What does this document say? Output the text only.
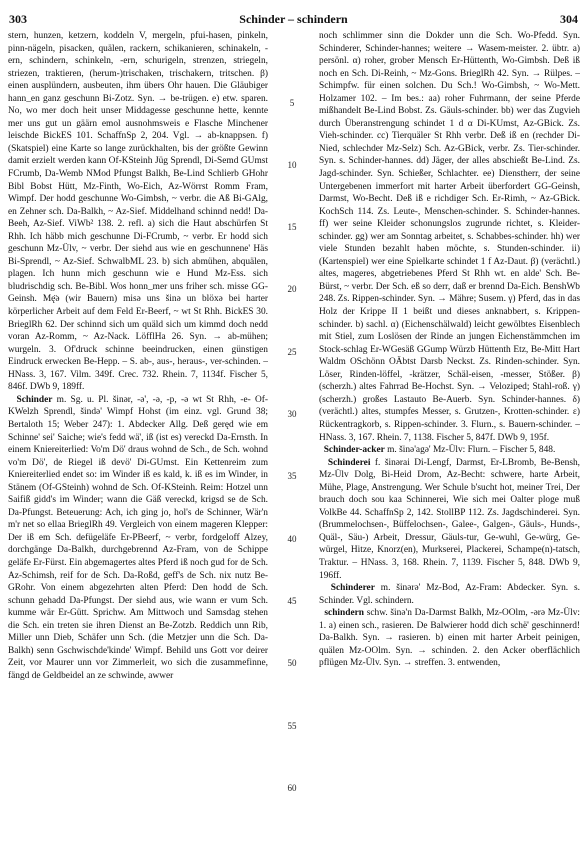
303	Schinder – schindern	304

stern, hunzen, ketzern, koddeln V, mergeln, pfui-hasen, pinkeln, pinn-nägeln, pisacken, quälen, rackern, schikanieren, schinakeln, -ern, schindern, schinkeln, -ern, schurigeln, strenzen, striegeln, striezen, traktieren, (herum-)trischaken, trischakern, tritschen. β) einen ausplündern, ausbeuten, ihm übers Ohr hauen. Die Gläubiger hann_en ganz geschunn Bi-Zotz. Syn. → be-trügen. e) etw. sparen. No, wo mer doch heit unser Middagesse geschunne hette, kennte mer uns gut un gäärn emol ausnohmsweis e Flasche Minchener leischde BickES 101. SchaffnSp 2, 204. Vgl. → ab-knappsen. f) (Skatspiel) eine Karte so lange zurückhalten, bis der größte Gewinn damit erzielt werden kann Of-KSteinh Jüg Sprendl, Di-Semd GUmst FCrumb, Da-Wemb NMod Pfungst Balkh, Be-Lind Schlierb GHohr Bibl Bobst Hütt, Mz-Finth, Wo-Eich, Az-Wörrst Romm Fram, Wimpf. Der hodd geschunne Wo-Gimbsh, ~ verbr. die Aß Bi-GAlg, en Zehner sch. Da-Balkh, ~ Az-Sief. Middelhand schinnd nedd! Da-Beeh, Az-Sief. ViWb² 138. 2. refl. a) sich die Haut abschürfen St Rhh. Ich häbb mich geschunne Di-FCrumb, ~ verbr. Er hodd sich geschunn Mz-Ülv, ~ verbr. Der siehd aus wie en geschunnene' Häs Bi-Sprendl, ~ Az-Sief. SchwalbML 23. b) sich abmühen, abquälen, plagen. Ich hunn mich geschunn wie e Hund Mz-Ess. sich bludrischdig sch. Be-Bibl. Wos honn_mer uns friher sch. misse GG-Geinsh. Mę̈ə (wir Bauern) misə uns šinə un blöxə bei harter körperlicher Arbeit auf dem Feld Er-Beerf, ~ wt St Rhh. BickES 30. BrieglRh 62. Der schinnd sich um quäld sich um kimmd doch nedd voran Az-Romm, ~ Az-Nack. LöfflHa 26. Syn. → ab-mühen; wurgeln. 3. Of'druck schinne beeindrucken, einen günstigen Eindruck erwecken Be-Hepp. – S. ab-, aus-, heraus-, ver-schinden. – HNass. 3, 167. Vilm. 349f. Crec. 732. Rhein. 7, 1134f. Fischer 5, 846f. DWb 9, 189ff.

Schinder m. Sg. u. Pl. šinər, -ə', -ə, -p, -ə wt St Rhh, -e- Of-KWelzh Sprendl, šində' Wimpf Hohst (im einz. vgl. Grund 38; Bertaloth 15; Weber 247): 1. Abdecker Allg. Deß geręd wie em Schinne' sei' Saiche; wie's fedd wä', iß (ist es) vereckd Da-Ernsth. In einem Kniereiterlied: Vo'm Dö' draus wohnd de Sch., de Sch. wohnd vo'm Dö', de Riegel iß devö' Di-GUmst. Ein Kettenreim zum Kniereiterlied endet so: im Winder iß es kald, k. iß es im Winder, in Stänem (Of-GSteinh) wohnd de Sch. Of-KSteinh. Reim: Hotzel unn Saifiß gidd's im Winder; wann die Gäß vereckd, krigsd se de Sch. Da-Pfungst. Beteuerung: Ach, ich ging jo, hol's de Schinner, Wär'n m'r net so ellaa BrieglRh 49. Vergleich von einem mageren Klepper: Der iß em Sch. defügeläfe Er-PBeerf, ~ verbr, fordgeloff Alzey, dorchgänge Da-Balkh, durchgebrennd Az-Fram, von de Schippe geläfe Er-Fürst. Ein abgemagertes altes Pferd iß noch gud for de Sch. Az-Schimsh, reif for de Sch. Da-Roßd, geff's de Sch. nix nutz Be-GRohr. Von einem abgezehrten alten Pferd: Den hodd de Sch. schunn gehadd Da-Pfungst. Der siehd aus, wie wann er vum Sch. kumme wär Er-Gütt. Sprichw. Am Mittwoch und Samsdag stehen die Sch. ein treten sie ihren Dienst an Be-Zotzb. Reddich unn Rib, Miller unn Dieb, Schäfer unn Sch. (die Metzjer unn die Sch. Da-Balkh) senn Gschwischde'kinde' Wimpf. Behild uns Gott vor deirer Zeit, vor Maurer unn vor Zimmerleit, wo sich die zusammefinne, fängd de Geldbeidel an ze schwinde, awwer

5
10
15
20
25
30
35
40
45
50
55
60

noch schlimmer sinn die Dokder unn die Sch. Wo-Pfedd. Syn. Schinderer, Schinder-hannes; weitere → Wasem-meister. 2. übtr. a) persönl. α) roher, grober Mensch Er-Hüttenth, Wo-Gimbsh. Deß iß noch en Sch. Di-Reinh, ~ Mz-Gons. BrieglRh 42. Syn. → Rülpes. – Schimpfw. für einen solchen. Du Sch.! Wo-Gimbsh, ~ Wo-Mett. Holzamer 102. – Im bes.: aa) roher Fuhrmann, der seine Pferde mißhandelt Be-Lind Bobst. Zs. Gäuls-schinder. bb) wer das Zugvieh durch Überanstrengung schindet 1 d α Di-KUmst, Az-GBick. Zs. Vieh-schinder. cc) Tierquäler St Rhh verbr. Deß iß en (rechder Di-Nied, schlechder Mz-Selz) Sch. Az-GBick, verbr. Zs. Tier-schinder. Syn. s. Schinder-hannes. dd) Jäger, der alles abschießt Be-Lind. Zs. Jagd-schinder. Syn. Schießer, Schlachter. ee) Dienstherr, der seine Untergebenen immerfort mit harter Arbeit überfordert GG-Geinsh, Darmst, Wo-Becht. Deß iß e richdiger Sch. Er-Rimh, ~ Az-GBick. KochSch 114. Zs. Leute-, Menschen-schinder. S. Schinder-hannes. ff) wer seine Kleider schonungslos zugrunde richtet, s. Kleider-schinder. gg) wer am Sonntag arbeitet, s. Schabbes-schinder. hh) wer viele Stunden bezahlt haben möchte, s. Stunden-schinder. ii) (Kartenspiel) wer eine Spielkarte schindet 1 f Az-Daut. β) (verächtl.) altes, mageres, abgetriebenes Pferd St Rhh wt. en alde' Sch. Be-Bürst, ~ verbr. Der Sch. eß so derr, daß er brennd Da-Eich. BenshWb 248. Zs. Rippen-schinder. Syn. → Mähre; Susem. γ) Pferd, das in das Holz der Krippe II 1 beißt und dieses anknabbert, s. Krippen-schinder. b) sachl. α) (Eichenschälwald) leicht gewölbtes Eisenblech mit Stiel, zum Loslösen der Rinde an jungen Eichenstämmchen im Stock-schlag Er-WGesäß GGump Würzb Hüttenth Etz, Be-Mitt Hart Waldm OSchönn OÄbtst Darsb Neckst. Zs. Rinden-schinder. Syn. Löser, Rinden-löffel, -krätzer, Schäl-eisen, -messer, Stößer. β) (scherzh.) altes Fahrrad Be-Hochst. Syn. → Veloziped; Stahl-roß. γ) (scherzh.) großes Lastauto Be-Auerb. Syn. Schinder-hannes. δ) (verächtl.) altes, stumpfes Messer, s. Grutzen-, Krotten-schinder. ε) Rückentragkorb, s. Rippen-schinder. 3. Flurn., s. Bauern-schinder. – HNass. 3, 167. Rhein. 7, 1138. Fischer 5, 847f. DWb 9, 195f.

Schinder-acker m. šinə'agə' Mz-Ülv: Flurn. – Fischer 5, 848.

Schinderei f. šinərai Di-Lengf, Darmst, Er-LBromb, Be-Bensh, Mz-Ülv Dolg, Bi-Heid Drom, Az-Becht: schwere, harte Arbeit, Mühe, Plage, Anstrengung. Wer Schule b'sucht hot, meiner Trei, Der brauch doch sou kaa Schinnerei, Wie sich mei Oalter ploge muß VolkBe 44. SchaffnSp 2, 142. StollBP 112. Zs. Jagdschinderei. Syn. (Brummelochsen-, Büffelochsen-, Galee-, Galgen-, Gäuls-, Hunds-, Quäl-, Säu-) Arbeit, Dressur, Gäuls-tur, Ge-wuhl, Ge-würg, Ge-würgel, Hitze, Knorz(en), Murkserei, Plackerei, Schampe(n)-tatsch, Traktur. – HNass. 3, 168. Rhein. 7, 1139. Fischer 5, 848. DWb 9, 196ff.

Schinderer m. šinərə' Mz-Bod, Az-Fram: Abdecker. Syn. s. Schinder. Vgl. schindern.

schindern schw. šinə'n Da-Darmst Balkh, Mz-OOlm, -ərə Mz-Ülv: 1. a) einen sch., rasieren. De Balwierer hodd dich schë' geschinnerd! Da-Balkh. Syn. → rasieren. b) einen mit harter Arbeit peinigen, quälen Mz-OOlm. Syn. → schinden. 2. den Acker oberflächlich pflügen Mz-Ülv. Syn. → streffen. 3. entwenden,
